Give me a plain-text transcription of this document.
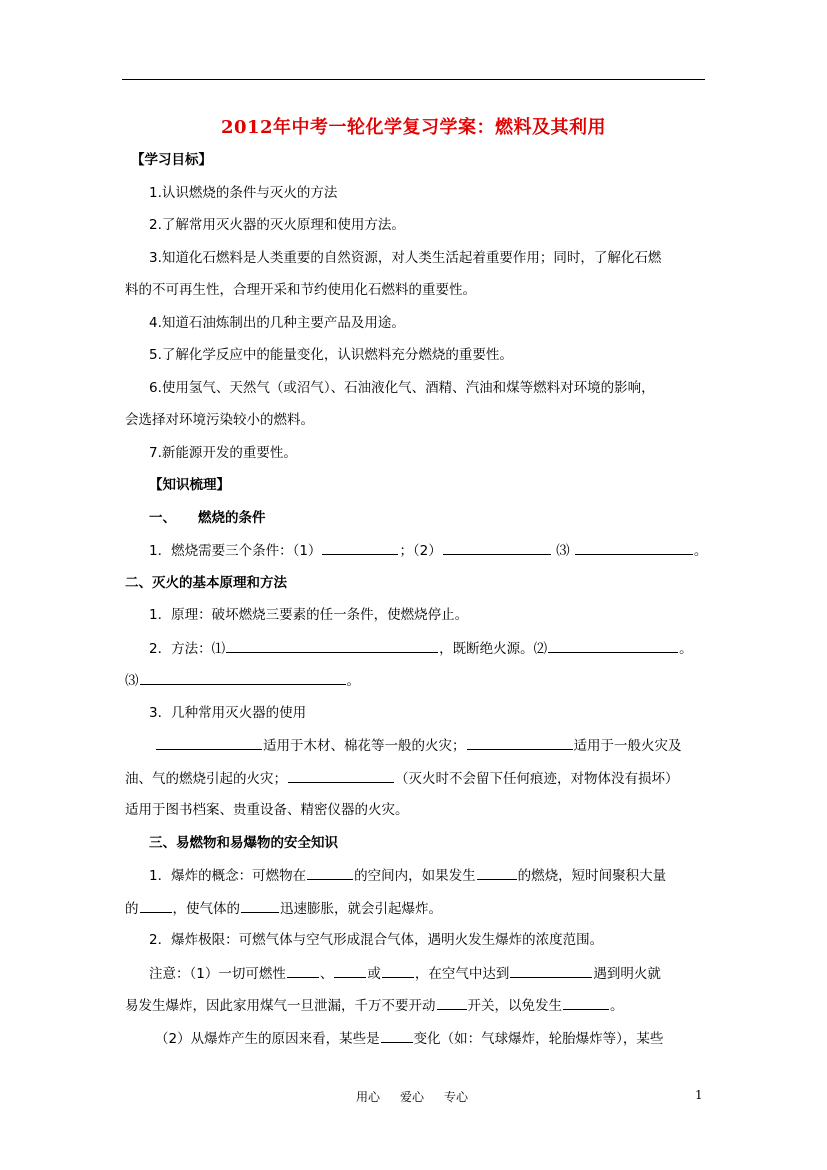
2012年中考一轮化学复习学案：燃料及其利用
【学习目标】
1.认识燃烧的条件与灭火的方法
2.了解常用灭火器的灭火原理和使用方法。
3.知道化石燃料是人类重要的自然资源，对人类生活起着重要作用；同时，了解化石燃
料的不可再生性，合理开采和节约使用化石燃料的重要性。
4.知道石油炼制出的几种主要产品及用途。
5.了解化学反应中的能量变化，认识燃料充分燃烧的重要性。
6.使用氢气、天然气（或沼气）、石油液化气、酒精、汽油和煤等燃料对环境的影响，
会选择对环境污染较小的燃料。
7.新能源开发的重要性。
【知识梳理】
一、 燃烧的条件
1．燃烧需要三个条件：（1）	；（2）	⑶	。
二、灭火的基本原理和方法
1．原理：破坏燃烧三要素的任一条件，使燃烧停止。
2．方法：⑴	，既断绝火源。⑵	。
⑶	。
3．几种常用灭火器的使用
适用于木材、棉花等一般的火灾；	适用于一般火灾及
油、气的燃烧引起的火灾；	（灭火时不会留下任何痕迹，对物体没有损坏）
适用于图书档案、贵重设备、精密仪器的火灾。
三、易燃物和易爆物的安全知识
1．爆炸的概念：可燃物在	的空间内，如果发生	的燃烧，短时间聚积大量
的	，使气体的	迅速膨胀，就会引起爆炸。
2．爆炸极限：可燃气体与空气形成混合气体，遇明火发生爆炸的浓度范围。
注意：（1）一切可燃性	、	或	，在空气中达到	遇到明火就
易发生爆炸，因此家用煤气一旦泄漏，千万不要开动 开关，以免发生	。
（2）从爆炸产生的原因来看，某些是	变化（如：气球爆炸，轮胎爆炸等），某些
用心 爱心 专心	1
